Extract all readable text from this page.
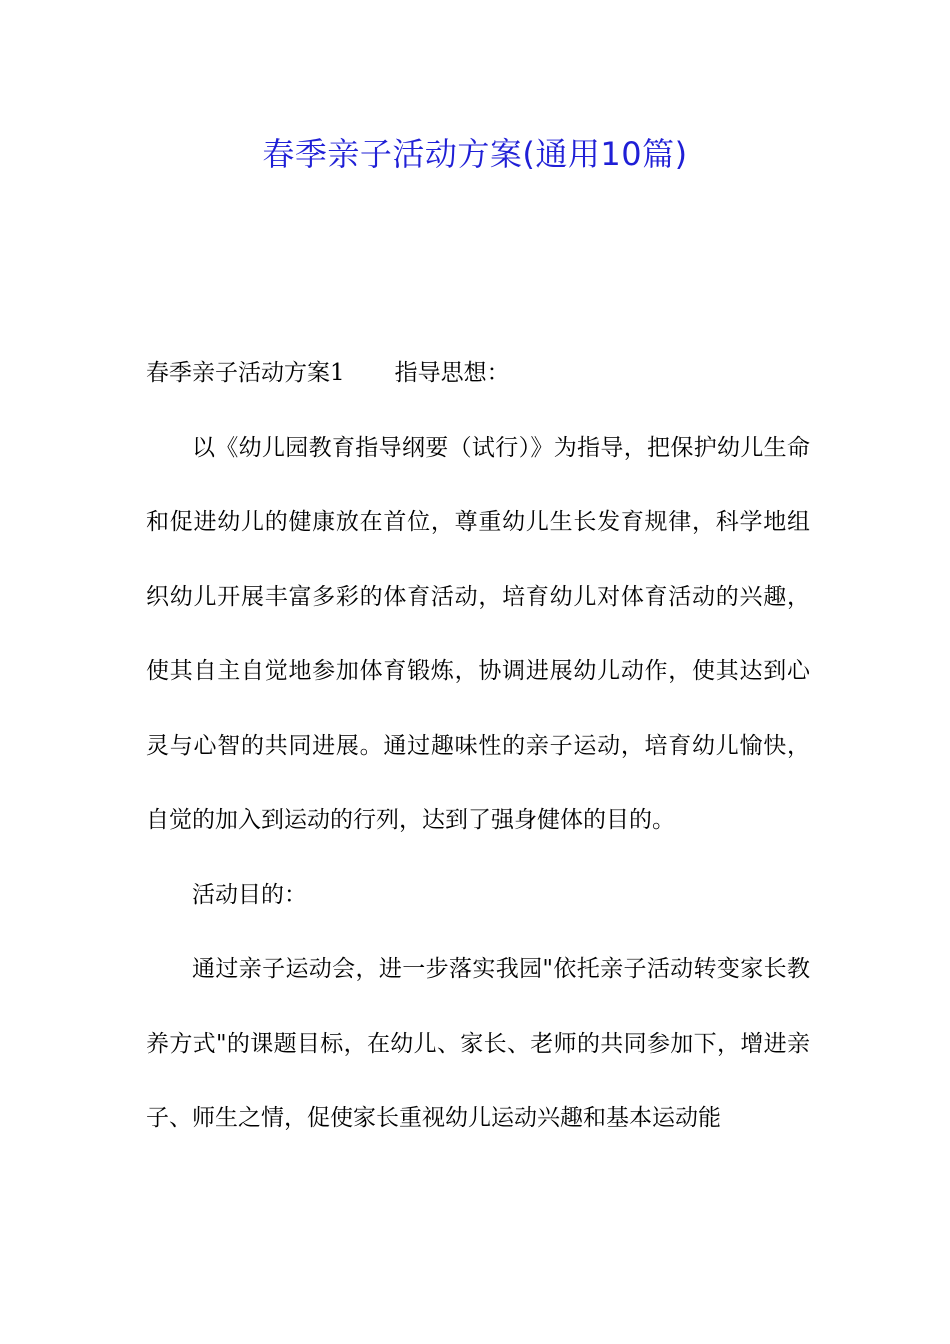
春季亲子活动方案(通用10篇)

春季亲子活动方案1 指导思想：

以《幼儿园教育指导纲要（试行）》为指导，把保护幼儿生命和促进幼儿的健康放在首位，尊重幼儿生长发育规律，科学地组织幼儿开展丰富多彩的体育活动，培育幼儿对体育活动的兴趣，使其自主自觉地参加体育锻炼，协调进展幼儿动作，使其达到心灵与心智的共同进展。通过趣味性的亲子运动，培育幼儿愉快，自觉的加入到运动的行列，达到了强身健体的目的。

活动目的：

通过亲子运动会，进一步落实我园"依托亲子活动转变家长教养方式"的课题目标，在幼儿、家长、老师的共同参加下，增进亲子、师生之情，促使家长重视幼儿运动兴趣和基本运动能
